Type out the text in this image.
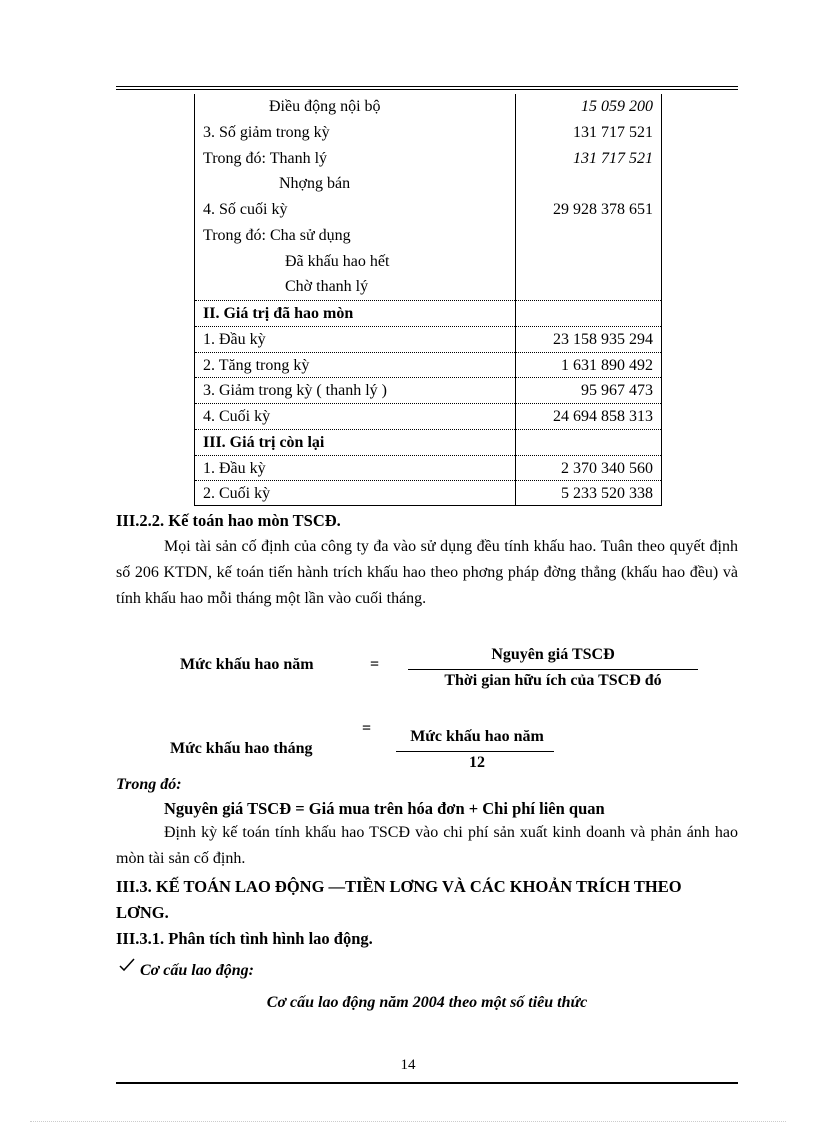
Điều động nội bộ	15 059 200
3. Số giảm trong kỳ	131 717 521
Trong đó: Thanh lý	131 717 521
Nhợng bán
4. Số cuối kỳ	29 928 378 651
Trong đó: Cha sử dụng
Đã khấu hao hết
Chờ thanh lý
II. Giá trị đã hao mòn
1. Đầu kỳ	23 158 935 294
2. Tăng trong kỳ	1 631 890 492
3. Giảm trong kỳ ( thanh lý )	95 967 473
4. Cuối kỳ	24 694 858 313
III. Giá trị còn lại
1. Đầu kỳ	2 370 340 560
2. Cuối kỳ	5 233 520 338
III.2.2. Kế toán hao mòn TSCĐ.
Mọi tài sản cố định của công ty đa vào sử dụng đều tính khấu hao. Tuân theo quyết định số 206 KTDN, kế toán tiến hành trích khấu hao theo phơng pháp đờng thẳng (khấu hao đều) và tính khấu hao mỗi tháng một lần vào cuối tháng.
Mức khấu hao năm	=
Nguyên giá TSCĐ
Thời gian hữu ích của TSCĐ đó
Mức khấu hao tháng
=	Mức khấu hao năm
12
Trong đó:
Nguyên giá TSCĐ = Giá mua trên hóa đơn + Chi phí liên quan
Định kỳ kế toán tính khấu hao TSCĐ vào chi phí sản xuất kinh doanh và phản ánh hao mòn tài sản cố định.
III.3. KẾ TOÁN LAO ĐỘNG —TIỀN LƠNG VÀ CÁC KHOẢN TRÍCH THEO LƠNG.
III.3.1. Phân tích tình hình lao động.
Cơ cấu lao động:
Cơ cấu lao động năm 2004 theo một số tiêu thức
14
